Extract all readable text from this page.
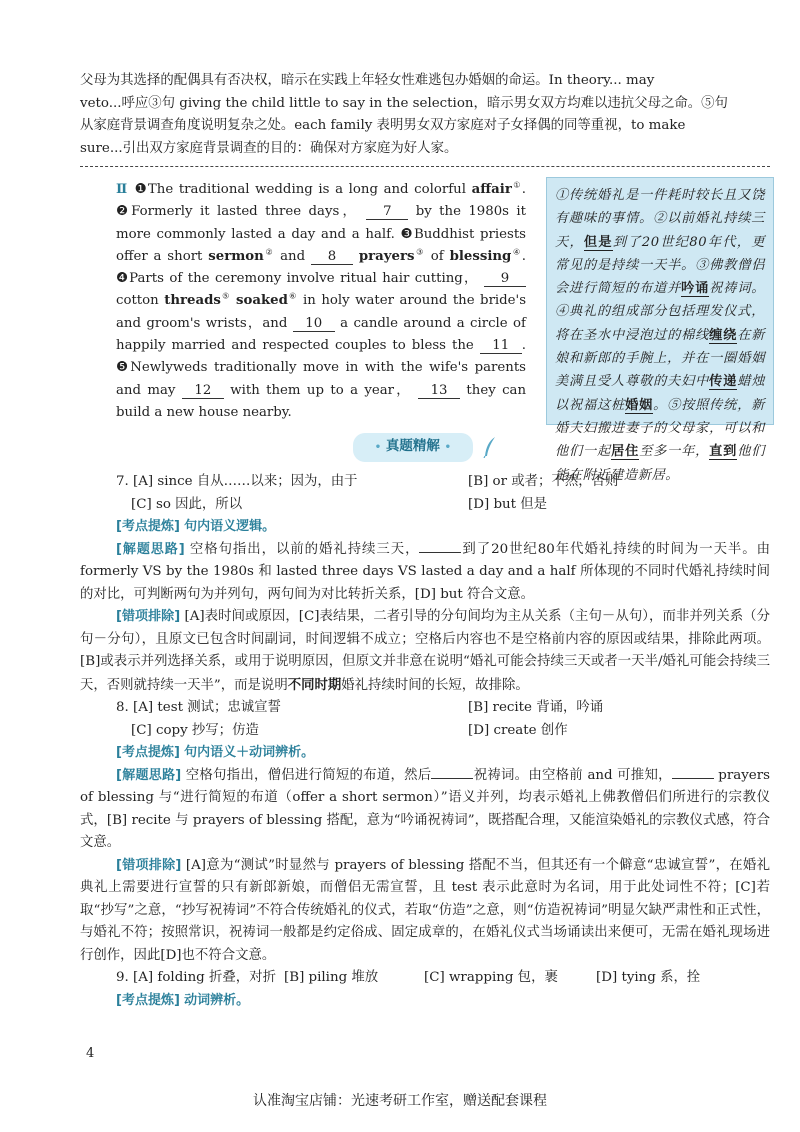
父母为其选择的配偶具有否决权，暗示在实践上年轻女性难逃包办婚姻的命运。In theory... may
veto...呼应③句 giving the child little to say in the selection，暗示男女双方均难以违抗父母之命。⑤句
从家庭背景调查角度说明复杂之处。each family 表明男女双方家庭对子女择偶的同等重视，to make
sure...引出双方家庭背景调查的目的：确保对方家庭为好人家。
Ⅱ ❶The traditional wedding is a long and colorful affair①. ❷Formerly it lasted three days， 7 by the 1980s it more commonly lasted a day and a half. ❸Buddhist priests offer a short sermon② and 8 prayers③ of blessing④. ❹Parts of the ceremony involve ritual hair cutting， 9 cotton threads⑤ soaked⑥ in holy water around the bride's and groom's wrists，and 10 a candle around a circle of happily married and respected couples to bless the 11 . ❺Newlyweds traditionally move in with the wife's parents and may 12 with them up to a year， 13 they can build a new house nearby.
①传统婚礼是一件耗时较长且又饶有趣味的事情。②以前婚礼持续三天，但是到了20世纪80年代，更常见的是持续一天半。③佛教僧侣会进行简短的布道并吟诵祝祷词。④典礼的组成部分包括理发仪式，将在圣水中浸泡过的棉线缠绕在新娘和新郎的手腕上，并在一圈婚姻美满且受人尊敬的夫妇中传递蜡烛以祝福这桩婚姻。⑤按照传统，新婚夫妇搬进妻子的父母家，可以和他们一起居住至多一年，直到他们能在附近建造新居。
• 真题精解 •
7. [A] since 自从……以来；因为，由于	[B] or 或者；不然，否则
[C] so 因此，所以	[D] but 但是
[考点提炼] 句内语义逻辑。

[解题思路] 空格句指出，以前的婚礼持续三天，	到了20世纪80年代婚礼持续的时间为一天半。由 formerly VS by the 1980s 和 lasted three days VS lasted a day and a half 所体现的不同时代婚礼持续时间的对比，可判断两句为并列句，两句间为对比转折关系，[D] but 符合文意。

[错项排除] [A]表时间或原因，[C]表结果，二者引导的分句间均为主从关系（主句－从句），而非并列关系（分句－分句），且原文已包含时间副词，时间逻辑不成立；空格后内容也不是空格前内容的原因或结果，排除此两项。[B]或表示并列选择关系，或用于说明原因，但原文并非意在说明“婚礼可能会持续三天或者一天半/婚礼可能会持续三天，否则就持续一天半”，而是说明不同时期婚礼持续时间的长短，故排除。

8. [A] test 测试；忠诚宣誓	[B] recite 背诵，吟诵
[C] copy 抄写；仿造	[D] create 创作
[考点提炼] 句内语义＋动词辨析。

[解题思路] 空格句指出，僧侣进行简短的布道，然后	祝祷词。由空格前 and 可推知，	prayers of blessing 与“进行简短的布道（offer a short sermon）”语义并列，均表示婚礼上佛教僧侣们所进行的宗教仪式，[B] recite 与 prayers of blessing 搭配，意为“吟诵祝祷词”，既搭配合理，又能渲染婚礼的宗教仪式感，符合文意。

[错项排除] [A]意为“测试”时显然与 prayers of blessing 搭配不当，但其还有一个僻意“忠诚宣誓”，在婚礼典礼上需要进行宣誓的只有新郎新娘，而僧侣无需宣誓，且 test 表示此意时为名词，用于此处词性不符；[C]若取“抄写”之意，“抄写祝祷词”不符合传统婚礼的仪式，若取“仿造”之意，则“仿造祝祷词”明显欠缺严肃性和正式性，与婚礼不符；按照常识，祝祷词一般都是约定俗成、固定成章的，在婚礼仪式当场诵读出来便可，无需在婚礼现场进行创作，因此[D]也不符合文意。

9. [A] folding 折叠，对折 [B] piling 堆放	[C] wrapping 包，裹	[D] tying 系，拴
[考点提炼] 动词辨析。
4
认准淘宝店铺：光速考研工作室，赠送配套课程
